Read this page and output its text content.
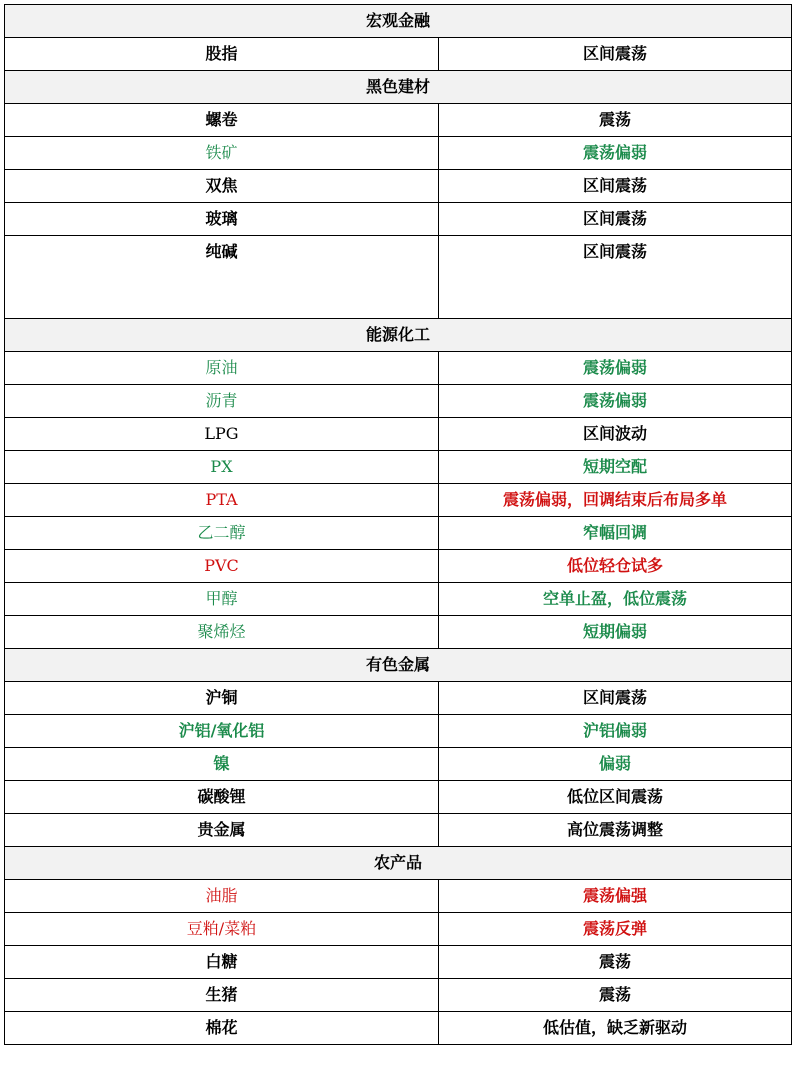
宏观金融	
股指	区间震荡
黑色建材	
螺卷	震荡
铁矿	震荡偏弱
双焦	区间震荡
玻璃	区间震荡
纯碱	区间震荡
能源化工	
原油	震荡偏弱
沥青	震荡偏弱
LPG	区间波动
PX	短期空配
PTA	震荡偏弱，回调结束后布局多单
乙二醇	窄幅回调
PVC	低位轻仓试多
甲醇	空单止盈，低位震荡
聚烯烃	短期偏弱
有色金属	
沪铜	区间震荡
沪铝/氧化铝	沪铝偏弱
镍	偏弱
碳酸锂	低位区间震荡
贵金属	高位震荡调整
农产品	
油脂	震荡偏强
豆粕/菜粕	震荡反弹
白糖	震荡
生猪	震荡
棉花	低估值，缺乏新驱动
